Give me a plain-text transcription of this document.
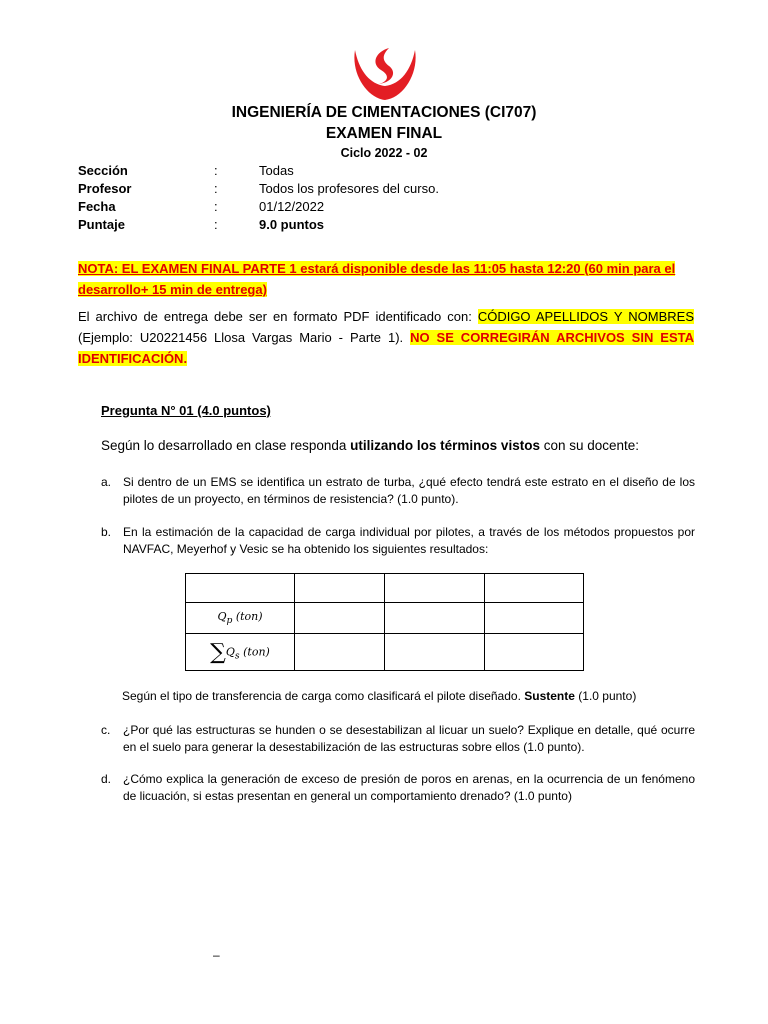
INGENIERÍA DE CIMENTACIONES (CI707)
EXAMEN FINAL
Ciclo 2022 - 02
Sección	:	Todas
Profesor	:	Todos los profesores del curso.
Fecha	:	01/12/2022
Puntaje	:	9.0 puntos
NOTA: EL EXAMEN FINAL PARTE 1 estará disponible desde las 11:05 hasta 12:20 (60 min para el
desarrollo+ 15 min de entrega)
El archivo de entrega debe ser en formato PDF identificado con: CÓDIGO APELLIDOS Y NOMBRES (Ejemplo: U20221456 Llosa Vargas Mario - Parte 1). NO SE CORREGIRÁN ARCHIVOS SIN ESTA IDENTIFICACIÓN.
Pregunta N° 01 (4.0 puntos)
Según lo desarrollado en clase responda utilizando los términos vistos con su docente:
a. Si dentro de un EMS se identifica un estrato de turba, ¿qué efecto tendrá este estrato en el diseño de los pilotes de un proyecto, en términos de resistencia? (1.0 punto).
b. En la estimación de la capacidad de carga individual por pilotes, a través de los métodos propuestos por NAVFAC, Meyerhof y Vesic se ha obtenido los siguientes resultados:

$Q_p$ (ton)			
$\sum Q_s$ (ton)			
Según el tipo de transferencia de carga como clasificará el pilote diseñado. Sustente (1.0 punto)
c. ¿Por qué las estructuras se hunden o se desestabilizan al licuar un suelo? Explique en detalle, qué ocurre en el suelo para generar la desestabilización de las estructuras sobre ellos (1.0 punto).
d. ¿Cómo explica la generación de exceso de presión de poros en arenas, en la ocurrencia de un fenómeno de licuación, si estas presentan en general un comportamiento drenado? (1.0 punto)
–
